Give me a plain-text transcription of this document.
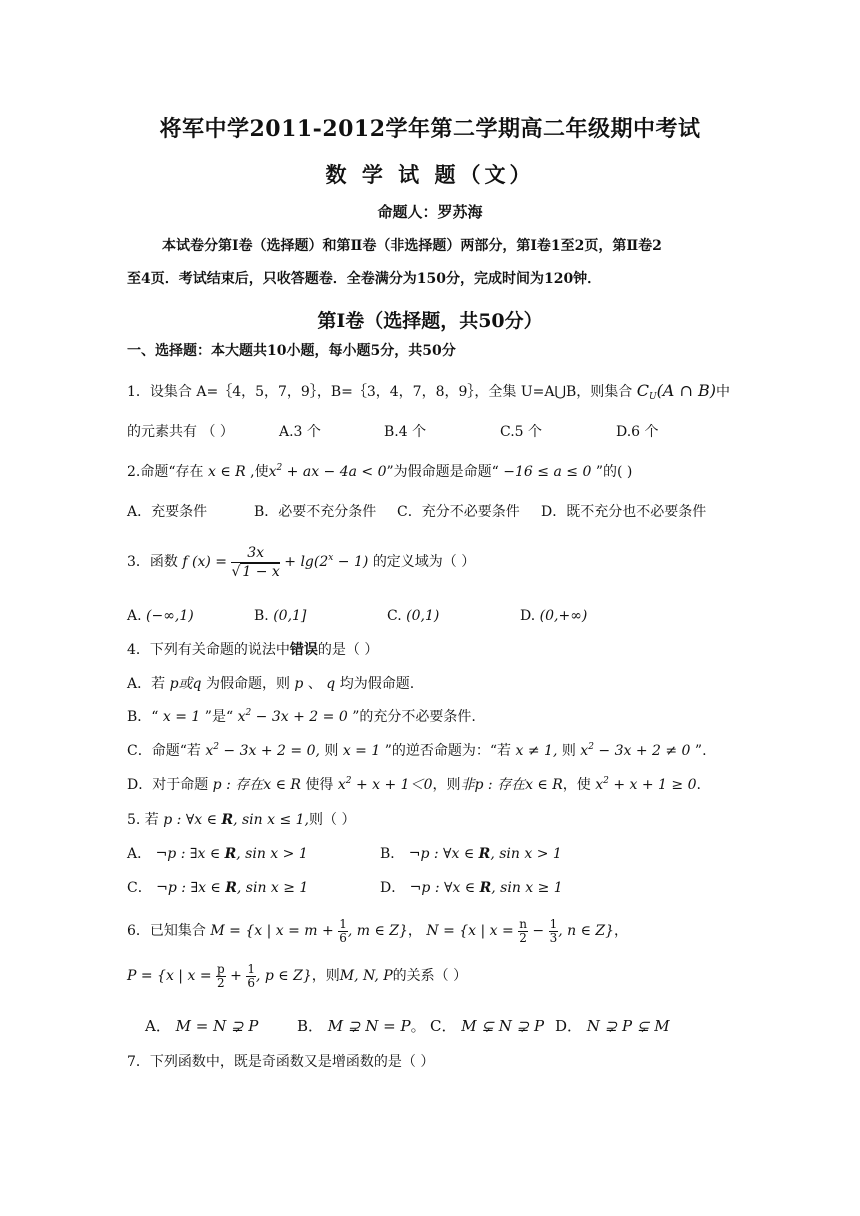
将军中学2011-2012学年第二学期高二年级期中考试
数 学 试 题（文）
命题人：罗苏海
本试卷分第Ⅰ卷（选择题）和第Ⅱ卷（非选择题）两部分，第Ⅰ卷1至2页，第Ⅱ卷2
至4页．考试结束后，只收答题卷．全卷满分为150分，完成时间为120钟．
第Ⅰ卷（选择题，共50分）
一、选择题：本大题共10小题，每小题5分，共50分
1．设集合 A=｛4，5，7，9｝，B=｛3，4，7，8，9｝，全集 U=A⋃B，则集合 $C_U(A$ ∩ B)中
的元素共有 （ ）	A.3 个	B.4 个	C.5 个	D.6 个
2.命题“存在 x ∈ R ,使$x^2$ + ax − 4a < 0”为假命题是命题“ −16 ≤ a ≤ 0 ”的( )
A．充要条件	B．必要不充分条件 C．充分不必要条件 D．既不充分也不必要条件
3．函数 f $(x) = \frac{3x}{√ 1 - x} + \lg(2^x - 1)$ 的定义域为（ ）
A. (−∞,1)	B. (0,1]	C. (0,1)	D. (0,+∞)
4．下列有关命题的说法中错误的是（ ）
A．若 p或q 为假命题，则 p 、 q 均为假命题.
B．“ x = 1 ”是“ $x^2 - 3x + 2 = 0$ ”的充分不必要条件.
C．命题“若 $x^2 - 3x + 2 = 0$, 则 x = 1 ”的逆否命题为：“若 x ≠ 1, 则 $x^2 - 3x + 2 \ne 0$ ”.
D．对于命题 p : 存在x ∈ R 使得 $x^2 + x + 1<0$，则非p : 存在x ∈ R，使 $x^2 + x + 1 \ge 0$.
5. 若 p : ∀x ∈ R, sin x ≤ 1,则（ ）
A． ¬p : ∃x ∈ R, sin x > 1	B． ¬p : ∀x ∈ R, sin x > 1
C． ¬p : ∃x ∈ R, sin x ≥ 1	D． ¬p : ∀x ∈ R, sin x ≥ 1
6．已知集合 M = {x | $x = m + \frac{1}{6}$ , m ∈ Z}， N = {x | $x = \frac{n}{2} - \frac{1}{3}$ , n ∈ Z}，
P = {x | $x = \frac{p}{2} + \frac{1}{6}$ , p ∈ Z}，则M, N, P的关系（ ）
A． M = N ⊋ P	B． M ⊋ N = P。 C． M ⊊ N ⊋ P D． N ⊋ P ⊊ M
7．下列函数中，既是奇函数又是增函数的是（ ）
